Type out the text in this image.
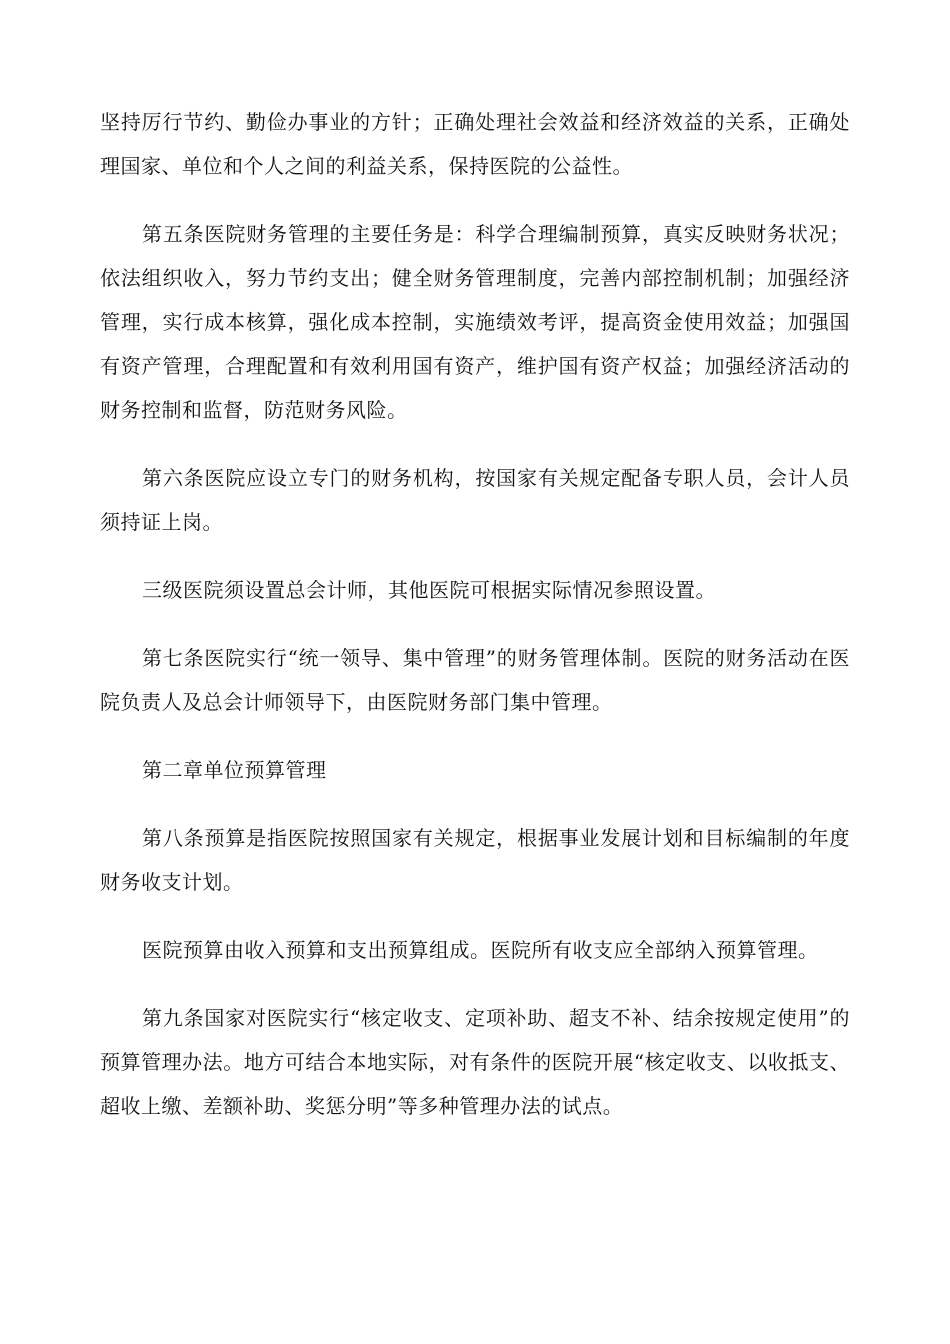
坚持厉行节约、勤俭办事业的方针；正确处理社会效益和经济效益的关系，正确处理国家、单位和个人之间的利益关系，保持医院的公益性。

第五条医院财务管理的主要任务是：科学合理编制预算，真实反映财务状况；依法组织收入，努力节约支出；健全财务管理制度，完善内部控制机制；加强经济管理，实行成本核算，强化成本控制，实施绩效考评，提高资金使用效益；加强国有资产管理，合理配置和有效利用国有资产，维护国有资产权益；加强经济活动的财务控制和监督，防范财务风险。

第六条医院应设立专门的财务机构，按国家有关规定配备专职人员，会计人员须持证上岗。

三级医院须设置总会计师，其他医院可根据实际情况参照设置。

第七条医院实行“统一领导、集中管理”的财务管理体制。医院的财务活动在医院负责人及总会计师领导下，由医院财务部门集中管理。

第二章单位预算管理

第八条预算是指医院按照国家有关规定，根据事业发展计划和目标编制的年度财务收支计划。

医院预算由收入预算和支出预算组成。医院所有收支应全部纳入预算管理。

第九条国家对医院实行“核定收支、定项补助、超支不补、结余按规定使用”的预算管理办法。地方可结合本地实际，对有条件的医院开展“核定收支、以收抵支、超收上缴、差额补助、奖惩分明”等多种管理办法的试点。
